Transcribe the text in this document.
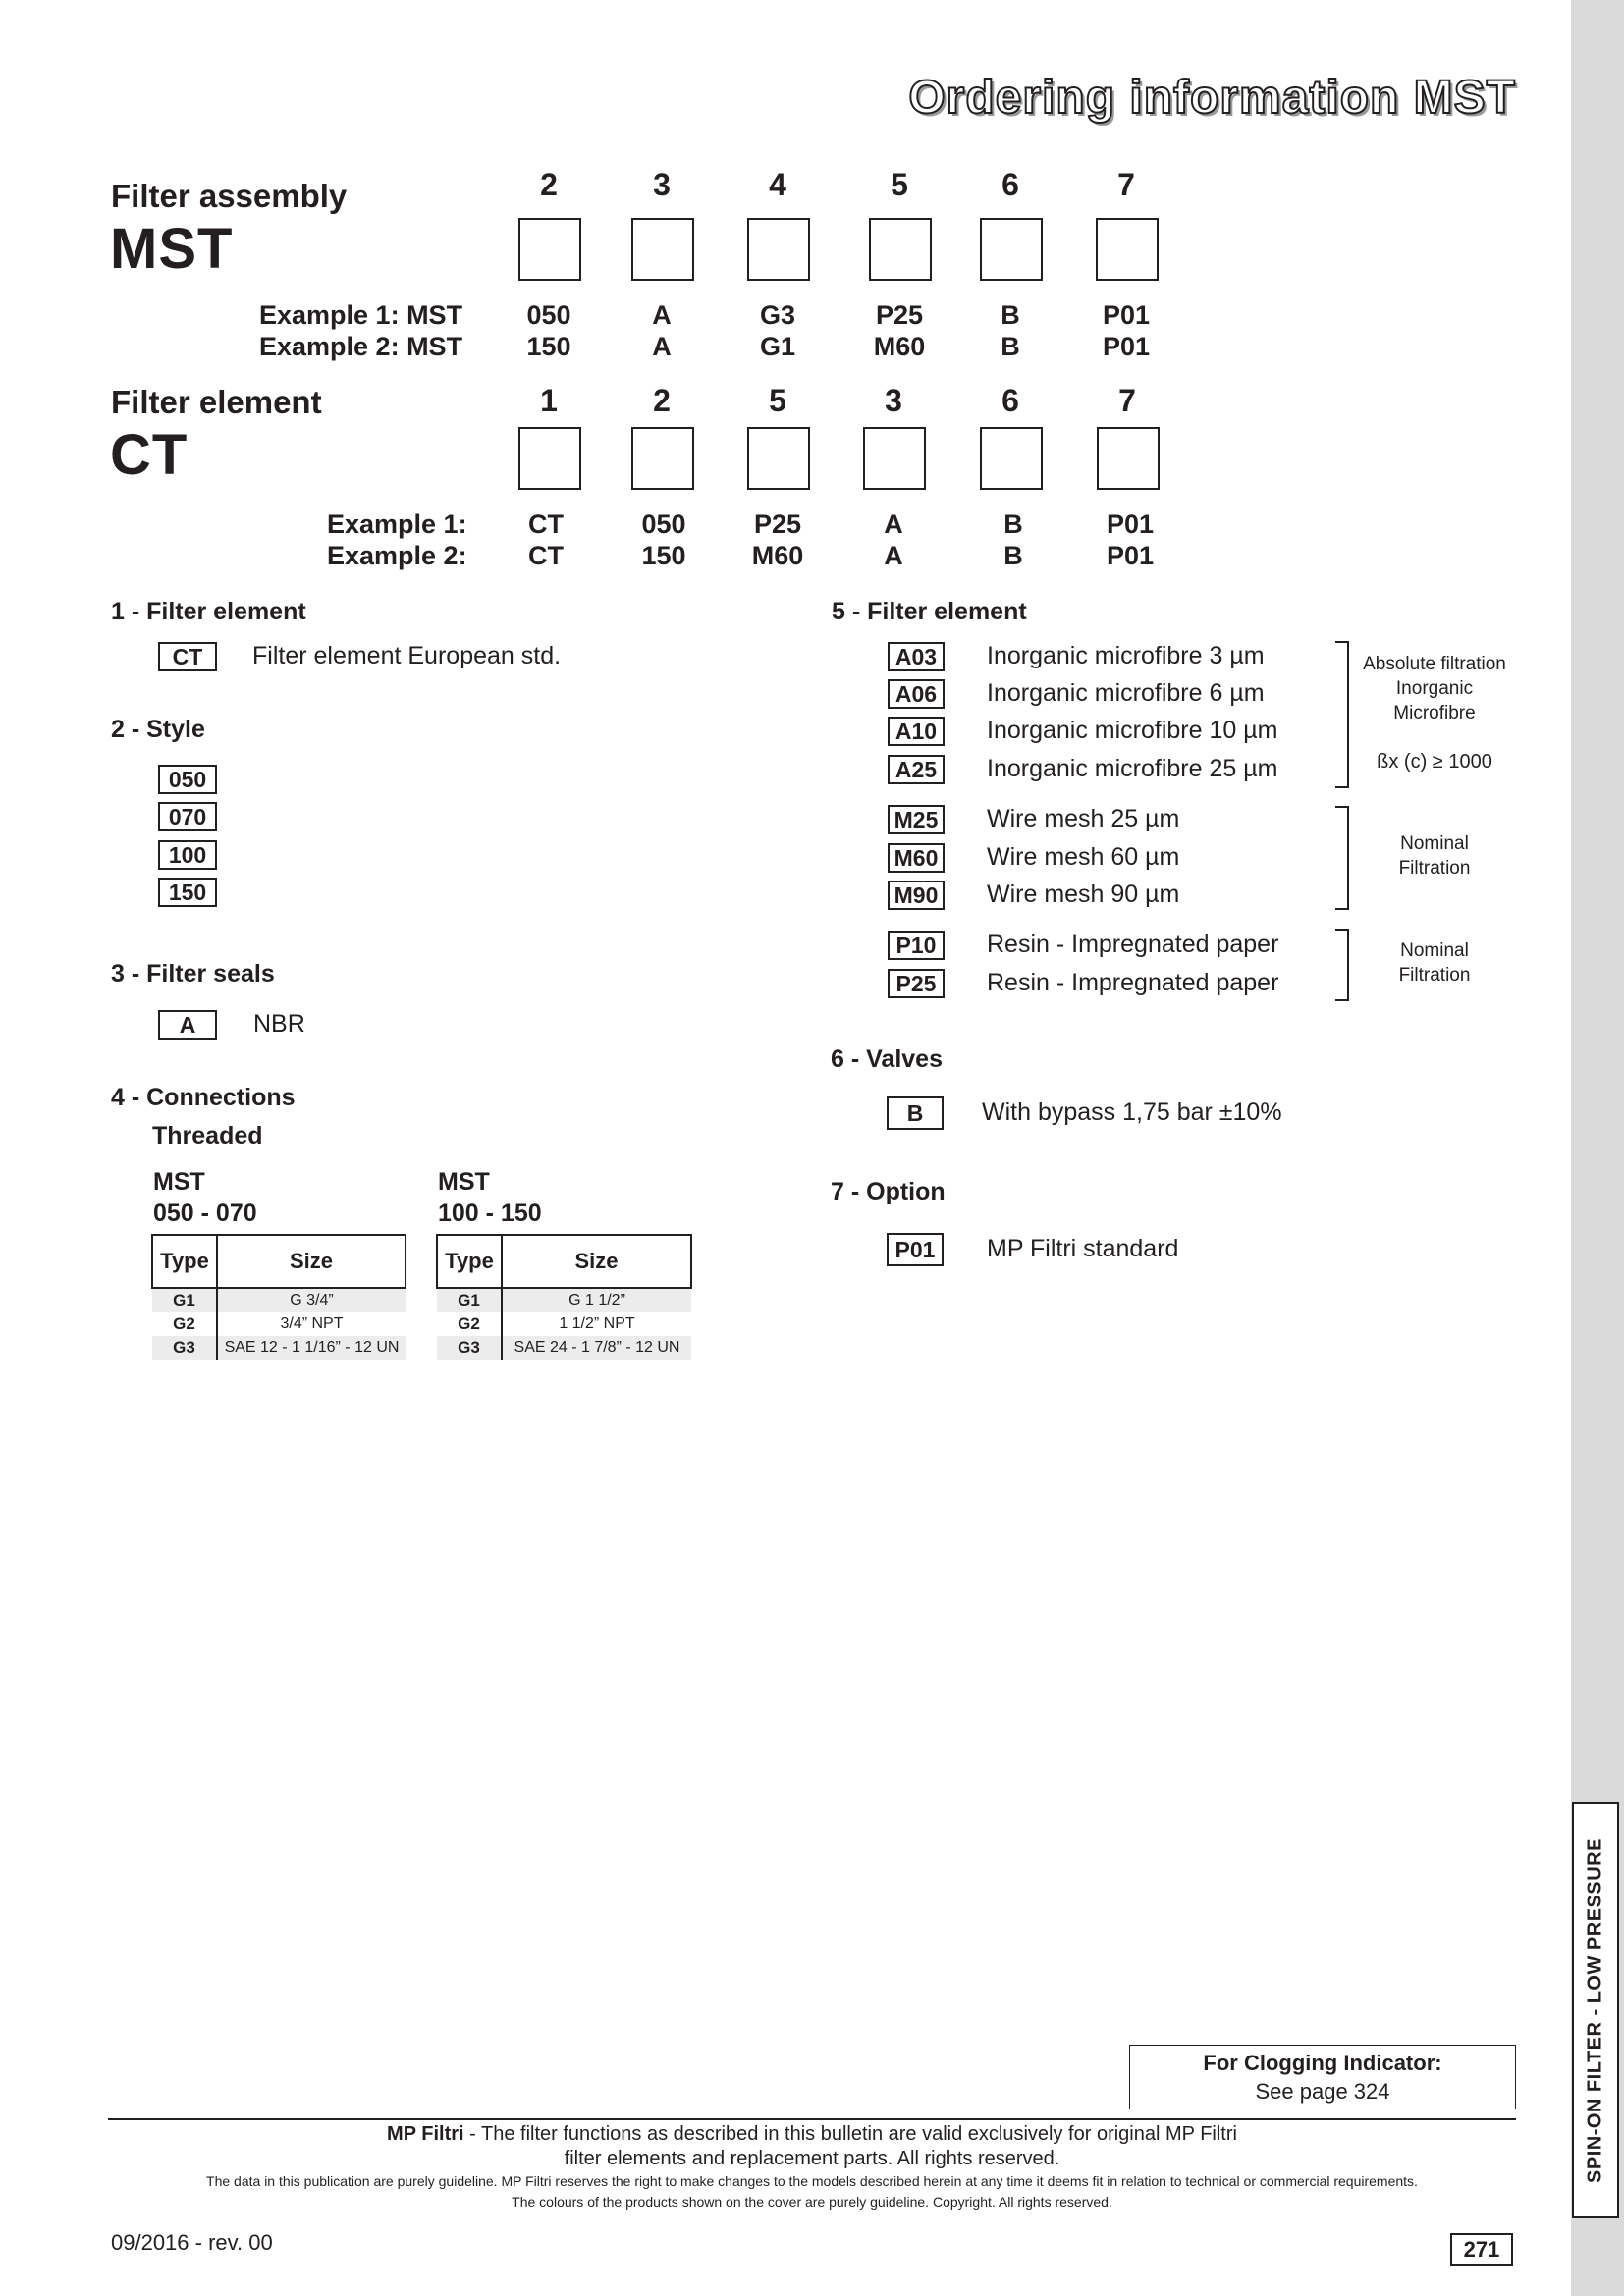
SPIN-ON FILTER - LOW PRESSURE
Ordering information MST
Filter assembly
MST
2	3	4	5	6	7
Example 1: MST
Example 2: MST
050	A	G3	P25	B	P01
150	A	G1	M60	B	P01
Filter element
CT
1	2	5	3	6	7
Example 1:
Example 2:
CT	050	P25	A	B	P01
CT	150	M60	A	B	P01
1 - Filter element
CT	Filter element European std.
2 - Style
050
070
100
150
3 - Filter seals
A	NBR
4 - Connections
Threaded
MST
050 - 070
Type	Size
G1	G 3/4”
G2	3/4” NPT
G3	SAE 12 - 1 1/16” - 12 UN
MST
100 - 150
Type	Size
G1	G 1 1/2”
G2	1 1/2” NPT
G3	SAE 24 - 1 7/8” - 12 UN
5 - Filter element
A03	Inorganic microfibre 3 µm
A06	Inorganic microfibre 6 µm
A10	Inorganic microfibre 10 µm
A25	Inorganic microfibre 25 µm
Absolute filtration
Inorganic
Microfibre
ßx (c) ≥ 1000
M25 Wire mesh 25 µm
M60 Wire mesh 60 µm
M90 Wire mesh 90 µm
Nominal
Filtration
P10	Resin - Impregnated paper
P25	Resin - Impregnated paper
Nominal
Filtration
6 - Valves
B	With bypass 1,75 bar ±10%
7 - Option
P01	MP Filtri standard
For Clogging Indicator:
See page 324
MP Filtri - The filter functions as described in this bulletin are valid exclusively for original MP Filtri
filter elements and replacement parts. All rights reserved.
The data in this publication are purely guideline. MP Filtri reserves the right to make changes to the models described herein at any time it deems fit in relation to technical or commercial requirements.
The colours of the products shown on the cover are purely guideline. Copyright. All rights reserved.
09/2016 - rev. 00	271
